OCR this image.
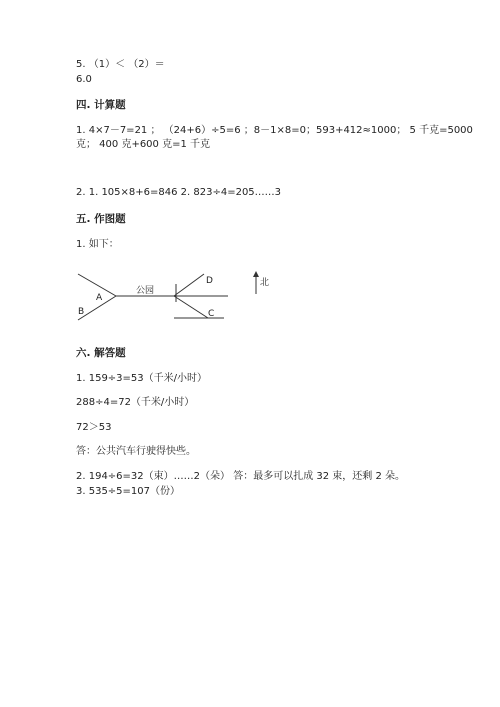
5. （1）＜ （2）＝
6.0
四. 计算题
1. 4×7－7=21 ； （24+6）÷5=6 ；8－1×8=0；593+412≈1000； 5 千克=5000
克； 400 克+600 克=1 千克
2. 1. 105×8+6=846 2. 823÷4=205……3
五. 作图题
1. 如下：
A
B
公园
D
C
北
六. 解答题
1. 159÷3=53（千米/小时）
288÷4=72（千米/小时）
72＞53
答：公共汽车行驶得快些。
2. 194÷6=32（束）……2（朵） 答：最多可以扎成 32 束，还剩 2 朵。
3. 535÷5=107（份）
